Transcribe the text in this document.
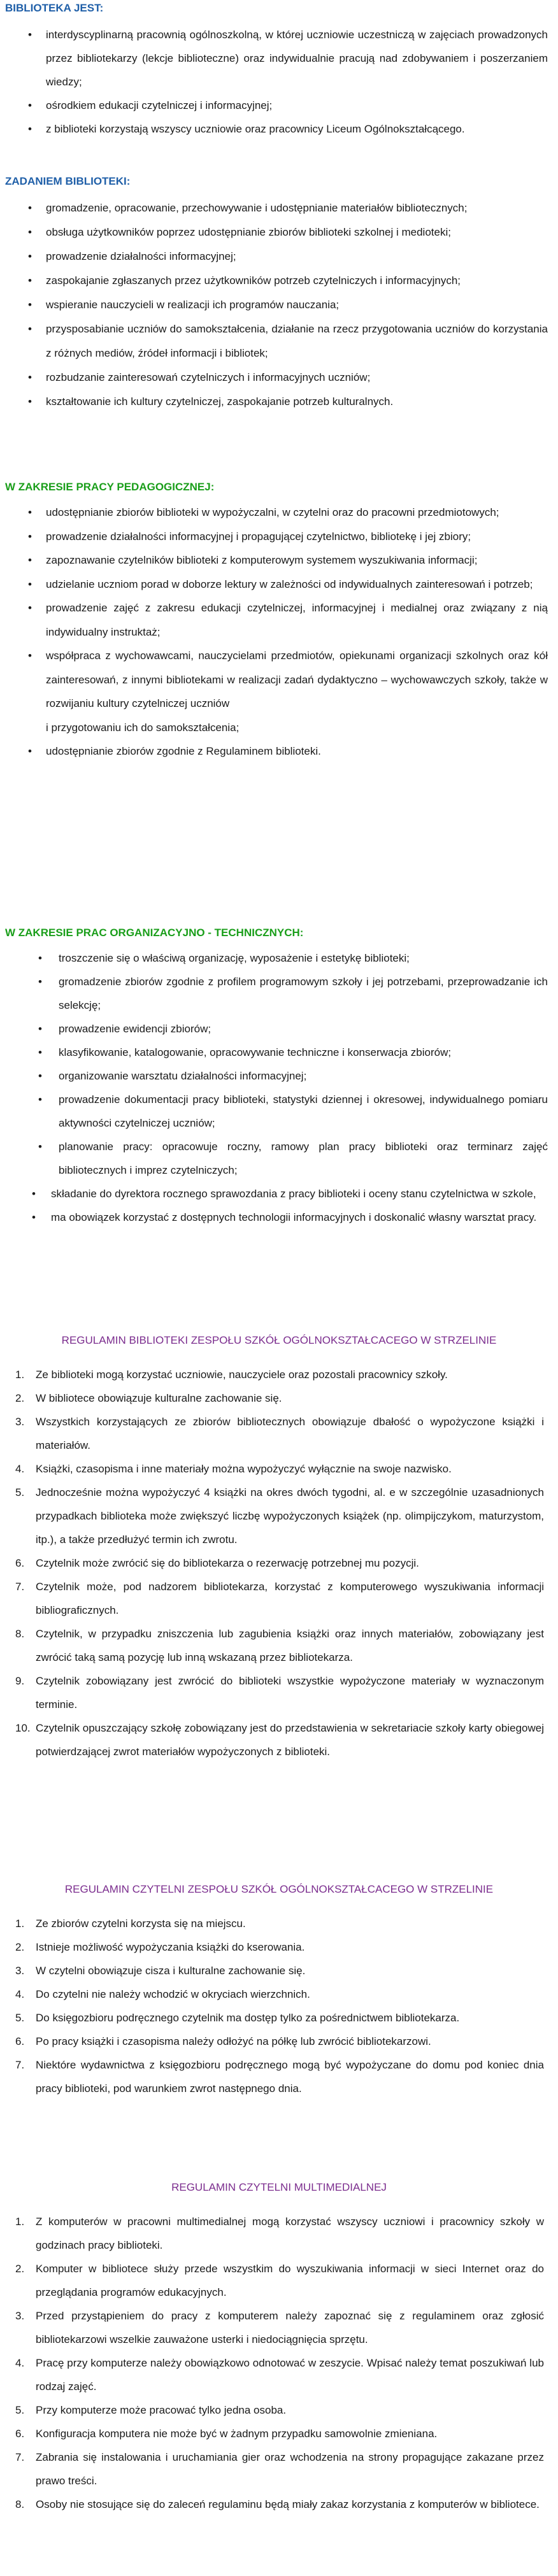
BIBLIOTEKA JEST:

• interdyscyplinarną pracownią ogólnoszkolną, w której uczniowie uczestniczą w zajęciach prowadzonych przez bibliotekarzy (lekcje biblioteczne) oraz indywidualnie pracują nad zdobywaniem i poszerzaniem wiedzy;
• ośrodkiem edukacji czytelniczej i informacyjnej;
• z biblioteki korzystają wszyscy uczniowie oraz pracownicy Liceum Ogólnokształcącego.

ZADANIEM BIBLIOTEKI:

• gromadzenie, opracowanie, przechowywanie i udostępnianie materiałów bibliotecznych;
• obsługa użytkowników poprzez udostępnianie zbiorów biblioteki szkolnej i medioteki;
• prowadzenie działalności informacyjnej;
• zaspokajanie zgłaszanych przez użytkowników potrzeb czytelniczych i informacyjnych;
• wspieranie nauczycieli w realizacji ich programów nauczania;
• przysposabianie uczniów do samokształcenia, działanie na rzecz przygotowania uczniów do korzystania z różnych mediów, źródeł informacji i bibliotek;
• rozbudzanie zainteresowań czytelniczych i informacyjnych uczniów;
• kształtowanie ich kultury czytelniczej, zaspokajanie potrzeb kulturalnych.

W ZAKRESIE PRACY PEDAGOGICZNEJ:

• udostępnianie zbiorów biblioteki w wypożyczalni, w czytelni oraz do pracowni przedmiotowych;
• prowadzenie działalności informacyjnej i propagującej czytelnictwo, bibliotekę i jej zbiory;
• zapoznawanie czytelników biblioteki z komputerowym systemem wyszukiwania informacji;
• udzielanie uczniom porad w doborze lektury w zależności od indywidualnych zainteresowań i potrzeb;
• prowadzenie zajęć z zakresu edukacji czytelniczej, informacyjnej i medialnej oraz związany z nią indywidualny instruktaż;
• współpraca z wychowawcami, nauczycielami przedmiotów, opiekunami organizacji szkolnych oraz kół zainteresowań, z innymi bibliotekami w realizacji zadań dydaktyczno – wychowawczych szkoły, także w rozwijaniu kultury czytelniczej uczniów
i przygotowaniu ich do samokształcenia;
• udostępnianie zbiorów zgodnie z Regulaminem biblioteki.

W ZAKRESIE PRAC ORGANIZACYJNO - TECHNICZNYCH:

• troszczenie się o właściwą organizację, wyposażenie i estetykę biblioteki;
• gromadzenie zbiorów zgodnie z profilem programowym szkoły i jej potrzebami, przeprowadzanie ich selekcję;
• prowadzenie ewidencji zbiorów;
• klasyfikowanie, katalogowanie, opracowywanie techniczne i konserwacja zbiorów;
• organizowanie warsztatu działalności informacyjnej;
• prowadzenie dokumentacji pracy biblioteki, statystyki dziennej i okresowej, indywidualnego pomiaru aktywności czytelniczej uczniów;
• planowanie pracy: opracowuje roczny, ramowy plan pracy biblioteki oraz terminarz zajęć bibliotecznych i imprez czytelniczych;
• składanie do dyrektora rocznego sprawozdania z pracy biblioteki i oceny stanu czytelnictwa w szkole,
• ma obowiązek korzystać z dostępnych technologii informacyjnych i doskonalić własny warsztat pracy.

REGULAMIN BIBLIOTEKI ZESPOŁU SZKÓŁ OGÓLNOKSZTAŁCACEGO W STRZELINIE

1. Ze biblioteki mogą korzystać uczniowie, nauczyciele oraz pozostali pracownicy szkoły.
2. W bibliotece obowiązuje kulturalne zachowanie się.
3. Wszystkich korzystających ze zbiorów bibliotecznych obowiązuje dbałość o wypożyczone książki i materiałów.
4. Książki, czasopisma i inne materiały można wypożyczyć wyłącznie na swoje nazwisko.
5. Jednocześnie można wypożyczyć 4 książki na okres dwóch tygodni, al. e w szczególnie uzasadnionych przypadkach biblioteka może zwiększyć liczbę wypożyczonych książek (np. olimpijczykom, maturzystom, itp.), a także przedłużyć termin ich zwrotu.
6. Czytelnik może zwrócić się do bibliotekarza o rezerwację potrzebnej mu pozycji.
7. Czytelnik może, pod nadzorem bibliotekarza, korzystać z komputerowego wyszukiwania informacji bibliograficznych.
8. Czytelnik, w przypadku zniszczenia lub zagubienia książki oraz innych materiałów, zobowiązany jest zwrócić taką samą pozycję lub inną wskazaną przez bibliotekarza.
9. Czytelnik zobowiązany jest zwrócić do biblioteki wszystkie wypożyczone materiały w wyznaczonym terminie.
10. Czytelnik opuszczający szkołę zobowiązany jest do przedstawienia w sekretariacie szkoły karty obiegowej potwierdzającej zwrot materiałów wypożyczonych z biblioteki.

REGULAMIN CZYTELNI ZESPOŁU SZKÓŁ OGÓLNOKSZTAŁCACEGO W STRZELINIE

1. Ze zbiorów czytelni korzysta się na miejscu.
2. Istnieje możliwość wypożyczania książki do kserowania.
3. W czytelni obowiązuje cisza i kulturalne zachowanie się.
4. Do czytelni nie należy wchodzić w okryciach wierzchnich.
5. Do księgozbioru podręcznego czytelnik ma dostęp tylko za pośrednictwem bibliotekarza.
6. Po pracy książki i czasopisma należy odłożyć na półkę lub zwrócić bibliotekarzowi.
7. Niektóre wydawnictwa z księgozbioru podręcznego mogą być wypożyczane do domu pod koniec dnia pracy biblioteki, pod warunkiem zwrot następnego dnia.

REGULAMIN CZYTELNI MULTIMEDIALNEJ

1. Z komputerów w pracowni multimedialnej mogą korzystać wszyscy uczniowi i pracownicy szkoły w godzinach pracy biblioteki.
2. Komputer w bibliotece służy przede wszystkim do wyszukiwania informacji w sieci Internet oraz do przeglądania programów edukacyjnych.
3. Przed przystąpieniem do pracy z komputerem należy zapoznać się z regulaminem oraz zgłosić bibliotekarzowi wszelkie zauważone usterki i niedociągnięcia sprzętu.
4. Pracę przy komputerze należy obowiązkowo odnotować w zeszycie. Wpisać należy temat poszukiwań lub rodzaj zajęć.
5. Przy komputerze może pracować tylko jedna osoba.
6. Konfiguracja komputera nie może być w żadnym przypadku samowolnie zmieniana.
7. Zabrania się instalowania i uruchamiania gier oraz wchodzenia na strony propagujące zakazane przez prawo treści.
8. Osoby nie stosujące się do zaleceń regulaminu będą miały zakaz korzystania z komputerów w bibliotece.
